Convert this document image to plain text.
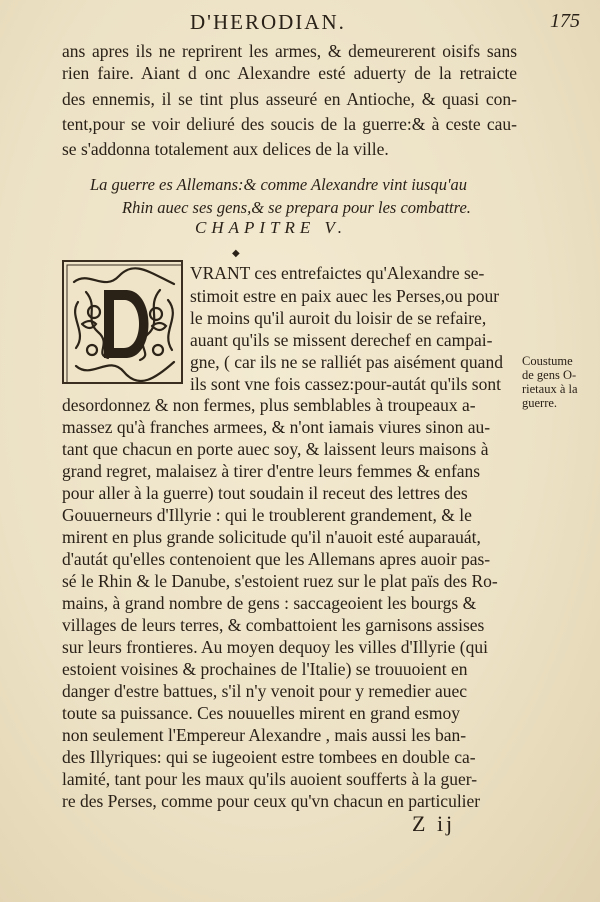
D'HERODIAN.	175
ans apres ils ne reprirent les armes, & demeurerent oisifs sans
rien faire. Aiant d onc Alexandre esté aduerty de la retraicte
des ennemis, il se tint plus asseuré en Antioche, & quasi con-
tent,pour se voir deliuré des soucis de la guerre:& à ceste cau-
se s'addonna totalement aux delices de la ville.
La guerre es Allemans:& comme Alexandre vint iusqu'au
Rhin auec ses gens,& se prepara pour les combattre.
CHAPITRE V.
◆
D
VRANT ces entrefaictes qu'Alexandre se-
stimoit estre en paix auec les Perses,ou pour
le moins qu'il auroit du loisir de se refaire,
auant qu'ils se missent derechef en campai-
gne, ( car ils ne se ralliét pas aisément quand
ils sont vne fois cassez:pour-autát qu'ils sont
Coustume
de gens O-
rietaux à la
guerre.
desordonnez & non fermes, plus semblables à troupeaux a-
massez qu'à franches armees, & n'ont iamais viures sinon au-
tant que chacun en porte auec soy, & laissent leurs maisons à
grand regret, malaisez à tirer d'entre leurs femmes & enfans
pour aller à la guerre) tout soudain il receut des lettres des
Gouuerneurs d'Illyrie : qui le troublerent grandement, & le
mirent en plus grande solicitude qu'il n'auoit esté auparauát,
d'autát qu'elles contenoient que les Allemans apres auoir pas-
sé le Rhin & le Danube, s'estoient ruez sur le plat païs des Ro-
mains, à grand nombre de gens : saccageoient les bourgs &
villages de leurs terres, & combattoient les garnisons assises
sur leurs frontieres. Au moyen dequoy les villes d'Illyrie (qui
estoient voisines & prochaines de l'Italie) se trouuoient en
danger d'estre battues, s'il n'y venoit pour y remedier auec
toute sa puissance. Ces nouuelles mirent en grand esmoy
non seulement l'Empereur Alexandre , mais aussi les ban-
des Illyriques: qui se iugeoient estre tombees en double ca-
lamité, tant pour les maux qu'ils auoient soufferts à la guer-
re des Perses, comme pour ceux qu'vn chacun en particulier
Z ij
